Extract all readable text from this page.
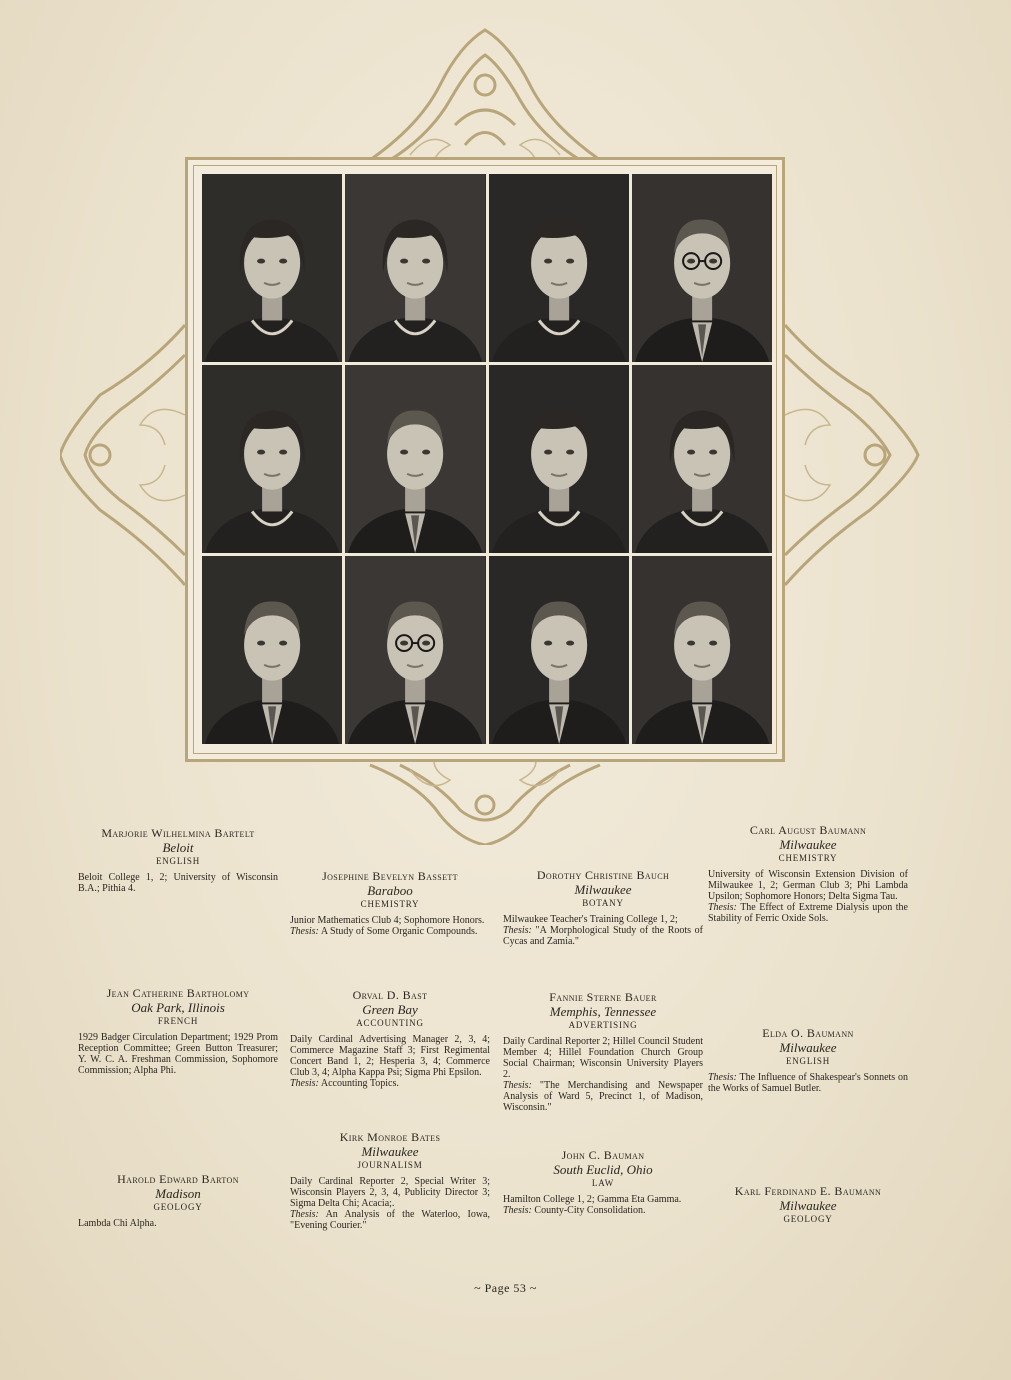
Marjorie Wilhelmina Bartelt
Beloit
ENGLISH
Beloit College 1, 2; University of Wisconsin B.A.; Pithia 4.
Jean Catherine Bartholomy
Oak Park, Illinois
FRENCH
1929 Badger Circulation Department; 1929 Prom Reception Committee; Green Button Treasurer; Y. W. C. A. Freshman Commission, Sophomore Commission; Alpha Phi.
Harold Edward Barton
Madison
GEOLOGY
Lambda Chi Alpha.
Josephine Bevelyn Bassett
Baraboo
CHEMISTRY
Junior Mathematics Club 4; Sophomore Honors.
Thesis: A Study of Some Organic Compounds.
Orval D. Bast
Green Bay
ACCOUNTING
Daily Cardinal Advertising Manager 2, 3, 4; Commerce Magazine Staff 3; First Regimental Concert Band 1, 2; Hesperia 3, 4; Commerce Club 3, 4; Alpha Kappa Psi; Sigma Phi Epsilon.
Thesis: Accounting Topics.
Kirk Monroe Bates
Milwaukee
JOURNALISM
Daily Cardinal Reporter 2, Special Writer 3; Wisconsin Players 2, 3, 4, Publicity Director 3; Sigma Delta Chi; Acacia;.
Thesis: An Analysis of the Waterloo, Iowa, "Evening Courier."
Dorothy Christine Bauch
Milwaukee
BOTANY
Milwaukee Teacher's Training College 1, 2;
Thesis: "A Morphological Study of the Roots of Cycas and Zamia."
Fannie Sterne Bauer
Memphis, Tennessee
ADVERTISING
Daily Cardinal Reporter 2; Hillel Council Student Member 4; Hillel Foundation Church Group Social Chairman; Wisconsin University Players 2.
Thesis: "The Merchandising and Newspaper Analysis of Ward 5, Precinct 1, of Madison, Wisconsin."
John C. Bauman
South Euclid, Ohio
LAW
Hamilton College 1, 2; Gamma Eta Gamma.
Thesis: County-City Consolidation.
Carl August Baumann
Milwaukee
CHEMISTRY
University of Wisconsin Extension Division of Milwaukee 1, 2; German Club 3; Phi Lambda Upsilon; Sophomore Honors; Delta Sigma Tau.
Thesis: The Effect of Extreme Dialysis upon the Stability of Ferric Oxide Sols.
Elda O. Baumann
Milwaukee
ENGLISH
Thesis: The Influence of Shakespear's Sonnets on the Works of Samuel Butler.
Karl Ferdinand E. Baumann
Milwaukee
GEOLOGY
~ Page 53 ~
